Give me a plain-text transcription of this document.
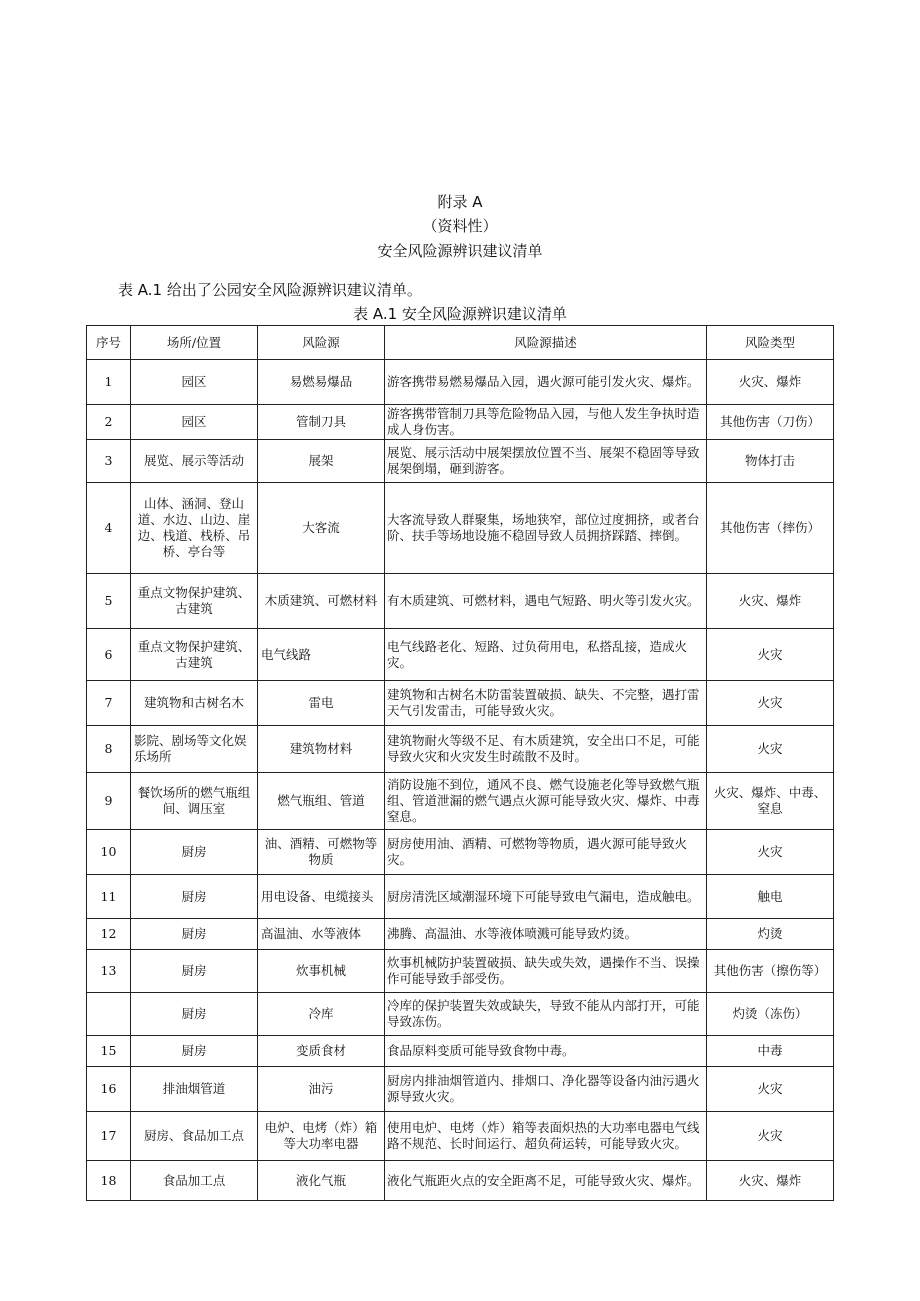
附录 A
（资料性）
安全风险源辨识建议清单
表 A.1 给出了公园安全风险源辨识建议清单。
表 A.1 安全风险源辨识建议清单
序号	场所/位置	风险源	风险源描述	风险类型
1	园区	易燃易爆品	游客携带易燃易爆品入园，遇火源可能引发火灾、爆炸。	火灾、爆炸
2	园区	管制刀具	游客携带管制刀具等危险物品入园，与他人发生争执时造成人身伤害。	其他伤害（刀伤）
3	展览、展示等活动	展架	展览、展示活动中展架摆放位置不当、展架不稳固等导致展架倒塌，砸到游客。	物体打击
4	山体、涵洞、登山道、水边、山边、崖边、栈道、栈桥、吊桥、亭台等	大客流	大客流导致人群聚集，场地狭窄，部位过度拥挤，或者台阶、扶手等场地设施不稳固导致人员拥挤踩踏、摔倒。	其他伤害（摔伤）
5	重点文物保护建筑、古建筑	木质建筑、可燃材料	有木质建筑、可燃材料，遇电气短路、明火等引发火灾。	火灾、爆炸
6	重点文物保护建筑、古建筑	电气线路	电气线路老化、短路、过负荷用电，私搭乱接，造成火灾。	火灾
7	建筑物和古树名木	雷电	建筑物和古树名木防雷装置破损、缺失、不完整，遇打雷天气引发雷击，可能导致火灾。	火灾
8	影院、剧场等文化娱乐场所	建筑物材料	建筑物耐火等级不足、有木质建筑，安全出口不足，可能导致火灾和火灾发生时疏散不及时。	火灾
9	餐饮场所的燃气瓶组间、调压室	燃气瓶组、管道	消防设施不到位，通风不良、燃气设施老化等导致燃气瓶组、管道泄漏的燃气遇点火源可能导致火灾、爆炸、中毒窒息。	火灾、爆炸、中毒、窒息
10	厨房	油、酒精、可燃物等物质	厨房使用油、酒精、可燃物等物质，遇火源可能导致火灾。	火灾
11	厨房	用电设备、电缆接头	厨房清洗区域潮湿环境下可能导致电气漏电，造成触电。	触电
12	厨房	高温油、水等液体	沸腾、高温油、水等液体喷溅可能导致灼烫。	灼烫
13	厨房	炊事机械	炊事机械防护装置破损、缺失或失效，遇操作不当、误操作可能导致手部受伤。	其他伤害（擦伤等）
	厨房	冷库	冷库的保护装置失效或缺失，导致不能从内部打开，可能导致冻伤。	灼烫（冻伤）
15	厨房	变质食材	食品原料变质可能导致食物中毒。	中毒
16	排油烟管道	油污	厨房内排油烟管道内、排烟口、净化器等设备内油污遇火源导致火灾。	火灾
17	厨房、食品加工点	电炉、电烤（炸）箱等大功率电器	使用电炉、电烤（炸）箱等表面炽热的大功率电器电气线路不规范、长时间运行、超负荷运转，可能导致火灾。	火灾
18	食品加工点	液化气瓶	液化气瓶距火点的安全距离不足，可能导致火灾、爆炸。	火灾、爆炸
